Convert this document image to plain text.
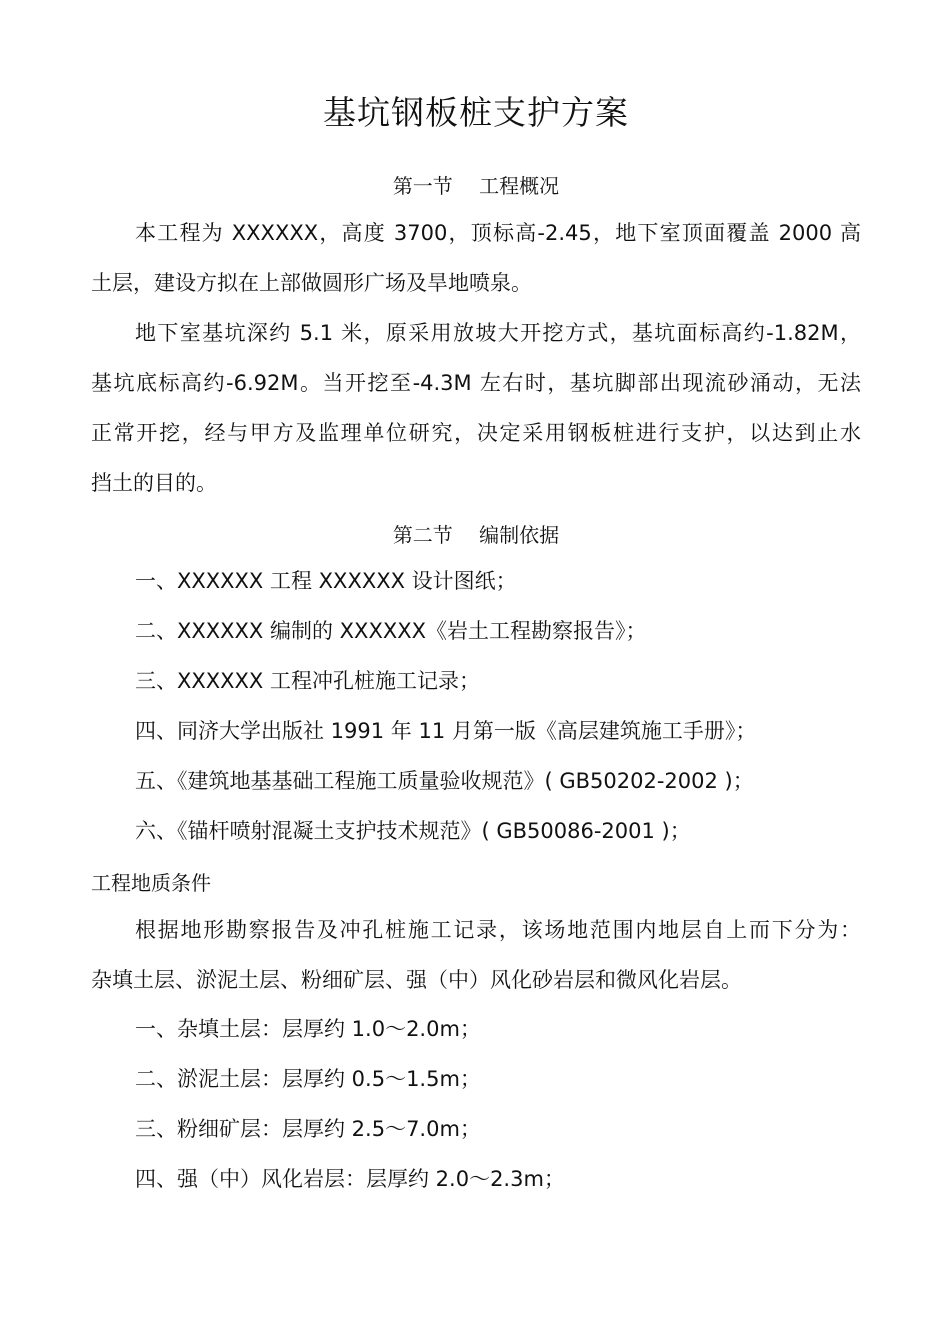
基坑钢板桩支护方案
第一节　 工程概况
本工程为 XXXXXX，高度 3700，顶标高-2.45，地下室顶面覆盖 2000 高
土层，建设方拟在上部做圆形广场及旱地喷泉。
地下室基坑深约 5.1 米，原采用放坡大开挖方式，基坑面标高约-1.82M，
基坑底标高约-6.92M。当开挖至-4.3M 左右时，基坑脚部出现流砂涌动，无法
正常开挖，经与甲方及监理单位研究，决定采用钢板桩进行支护，以达到止水
挡土的目的。
第二节　 编制依据
一、XXXXXX 工程 XXXXXX 设计图纸；
二、XXXXXX 编制的 XXXXXX《岩土工程勘察报告》；
三、XXXXXX 工程冲孔桩施工记录；
四、同济大学出版社 1991 年 11 月第一版《高层建筑施工手册》；
五、《建筑地基基础工程施工质量验收规范》( GB50202-2002 )；
六、《锚杆喷射混凝土支护技术规范》( GB50086-2001 )；
工程地质条件
根据地形勘察报告及冲孔桩施工记录，该场地范围内地层自上而下分为：
杂填土层、淤泥土层、粉细矿层、强（中）风化砂岩层和微风化岩层。
一、杂填土层：层厚约 1.0～2.0m；
二、淤泥土层：层厚约 0.5～1.5m；
三、粉细矿层：层厚约 2.5～7.0m；
四、强（中）风化岩层：层厚约 2.0～2.3m；
